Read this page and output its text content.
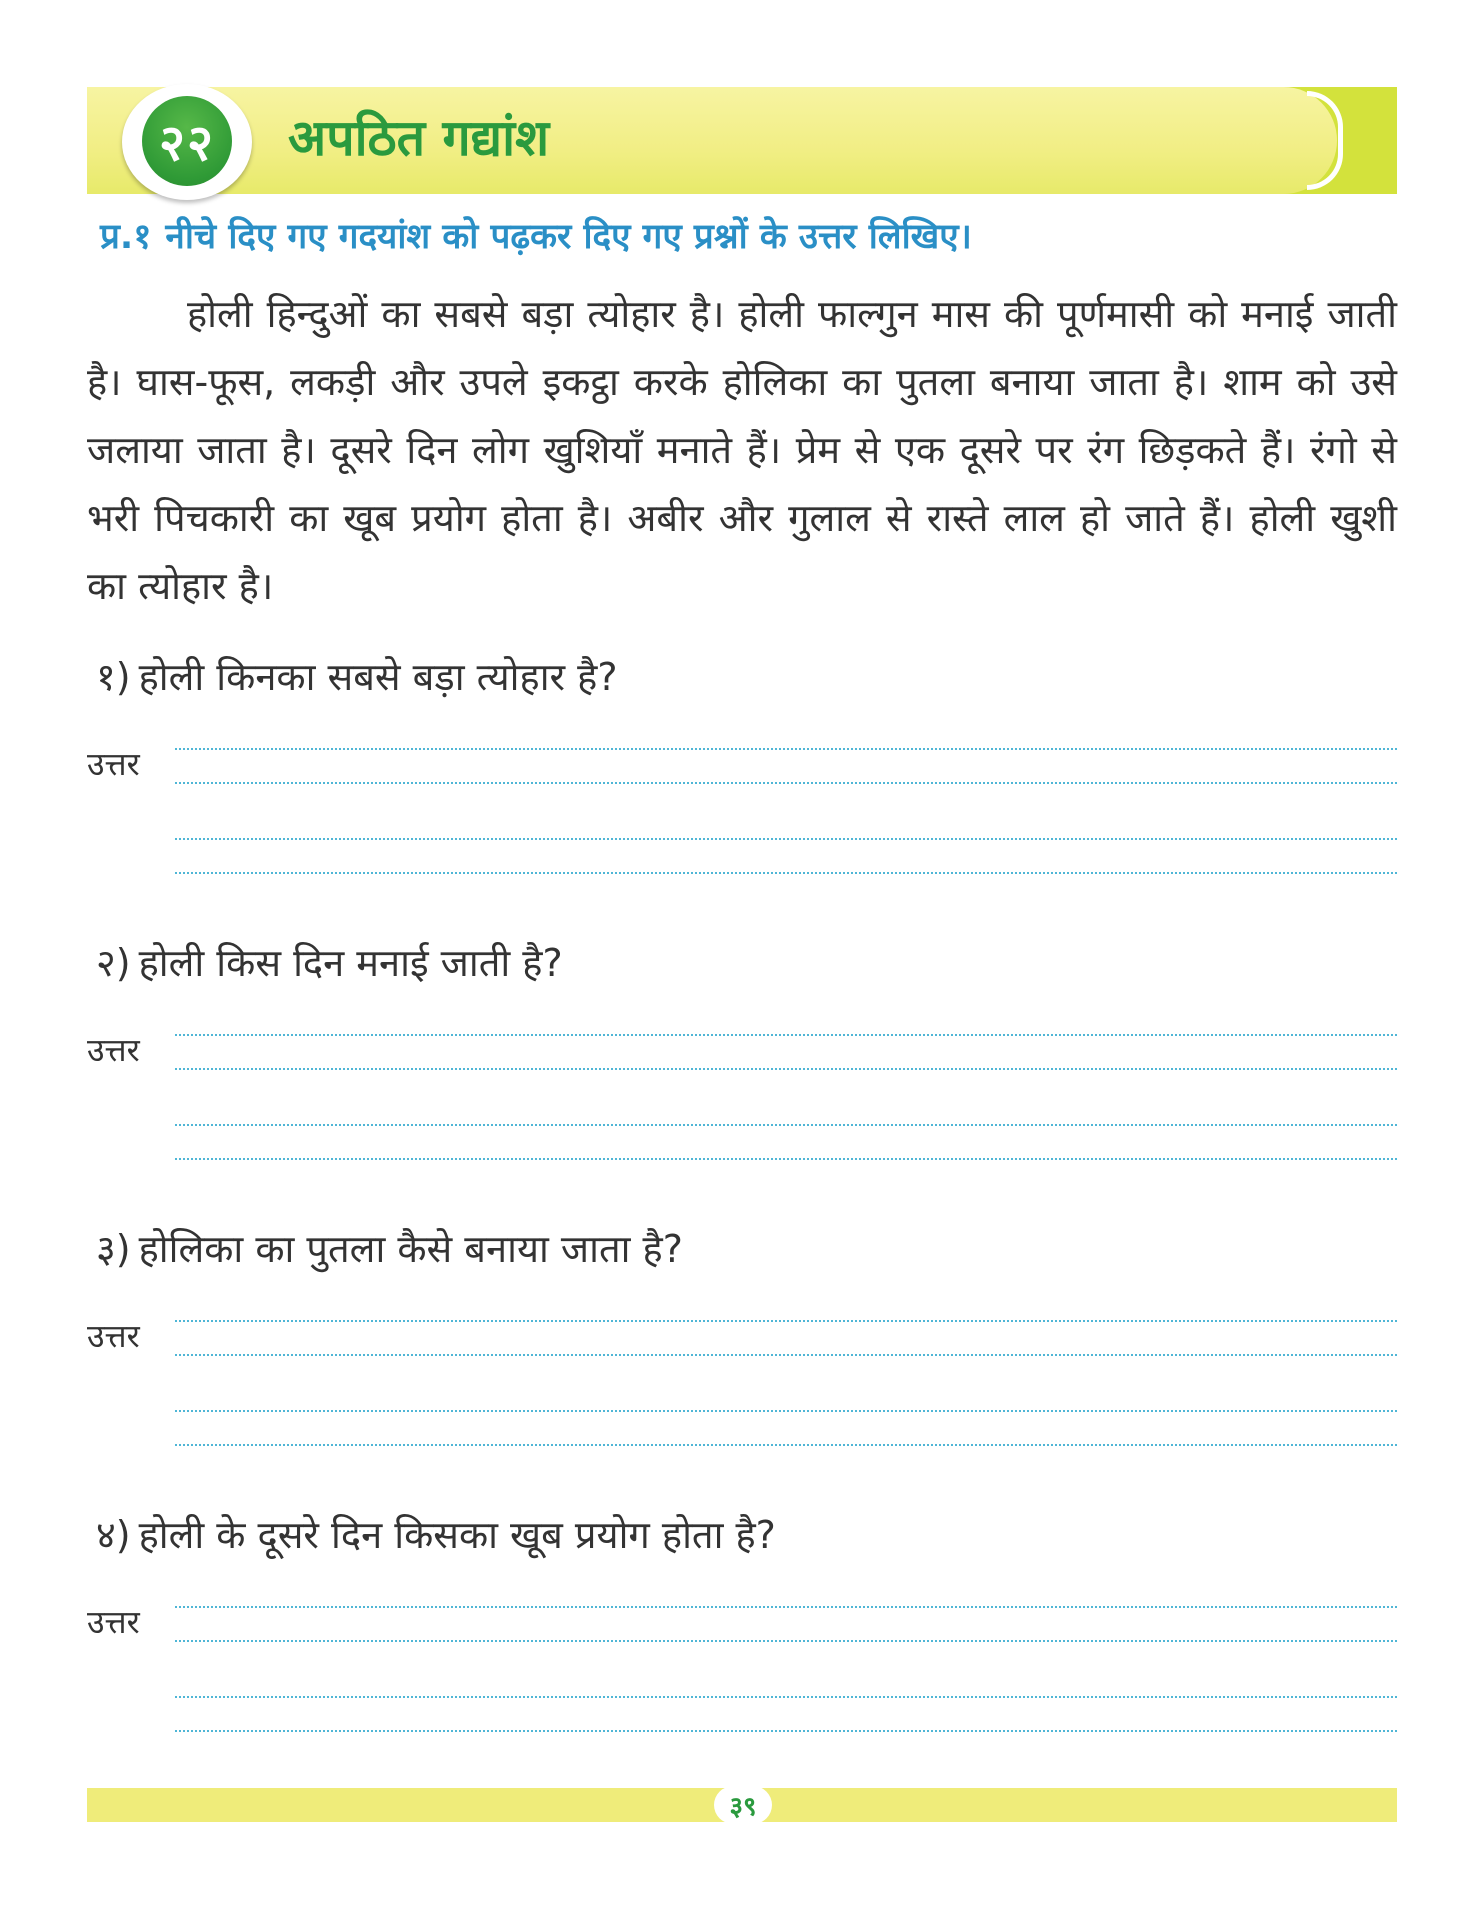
२२	अपठित गद्यांश
प्र.१ नीचे दिए गए गदयांश को पढ़कर दिए गए प्रश्नों के उत्तर लिखिए।

होली हिन्दुओं का सबसे बड़ा त्योहार है। होली फाल्गुन मास की पूर्णमासी को मनाई जाती है। घास-फूस, लकड़ी और उपले इकट्ठा करके होलिका का पुतला बनाया जाता है। शाम को उसे जलाया जाता है। दूसरे दिन लोग खुशियाँ मनाते हैं। प्रेम से एक दूसरे पर रंग छिड़कते हैं। रंगो से भरी पिचकारी का खूब प्रयोग होता है। अबीर और गुलाल से रास्ते लाल हो जाते हैं। होली खुशी का त्योहार है।

१) होली किनका सबसे बड़ा त्योहार है?
उत्तर
२) होली किस दिन मनाई जाती है?
उत्तर
३) होलिका का पुतला कैसे बनाया जाता है?
उत्तर
४) होली के दूसरे दिन किसका खूब प्रयोग होता है?
उत्तर
३९
